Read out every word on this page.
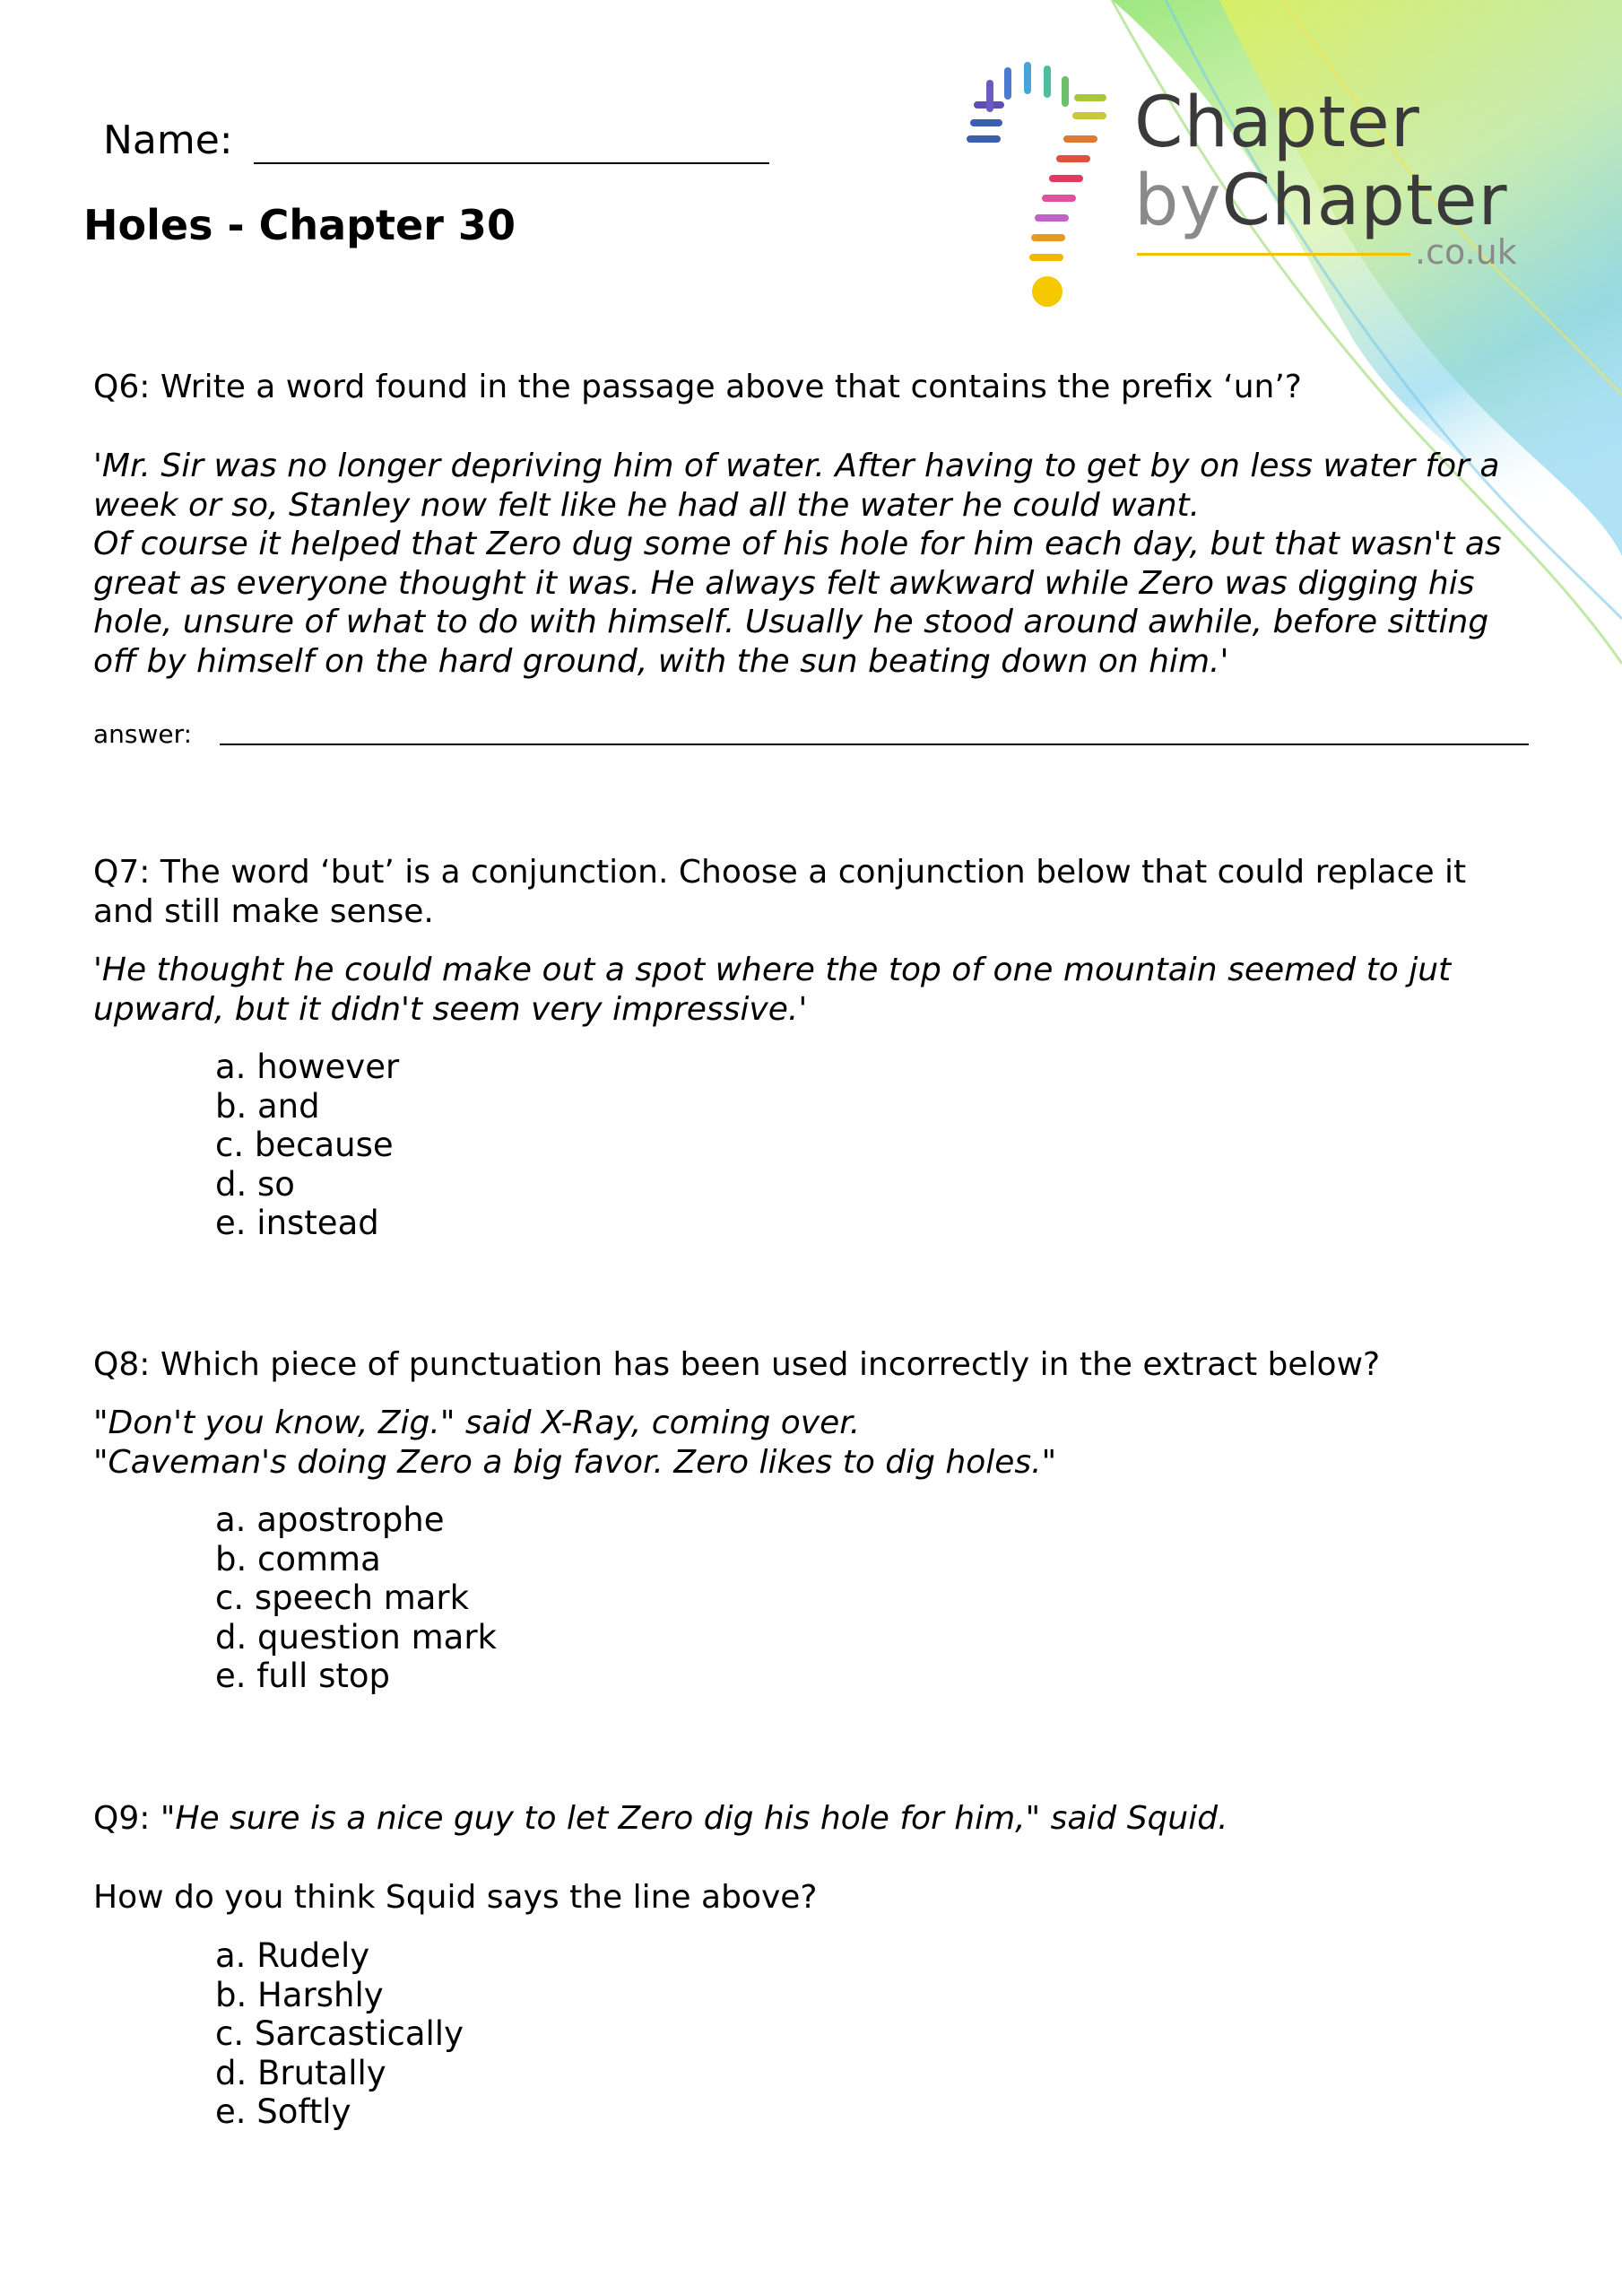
Chapter
byChapter
.co.uk
Name:
Holes - Chapter 30
Q6: Write a word found in the passage above that contains the prefix ‘un’?
'Mr. Sir was no longer depriving him of water. After having to get by on less water for a
week or so, Stanley now felt like he had all the water he could want.
Of course it helped that Zero dug some of his hole for him each day, but that wasn't as
great as everyone thought it was. He always felt awkward while Zero was digging his
hole, unsure of what to do with himself. Usually he stood around awhile, before sitting
off by himself on the hard ground, with the sun beating down on him.'
answer:
Q7: The word ‘but’ is a conjunction. Choose a conjunction below that could replace it
and still make sense.
'He thought he could make out a spot where the top of one mountain seemed to jut
upward, but it didn't seem very impressive.'
a. however
b. and
c. because
d. so
e. instead
Q8: Which piece of punctuation has been used incorrectly in the extract below?
"Don't you know, Zig." said X-Ray, coming over.
"Caveman's doing Zero a big favor. Zero likes to dig holes."
a. apostrophe
b. comma
c. speech mark
d. question mark
e. full stop
Q9: "He sure is a nice guy to let Zero dig his hole for him," said Squid.
How do you think Squid says the line above?
a. Rudely
b. Harshly
c. Sarcastically
d. Brutally
e. Softly
